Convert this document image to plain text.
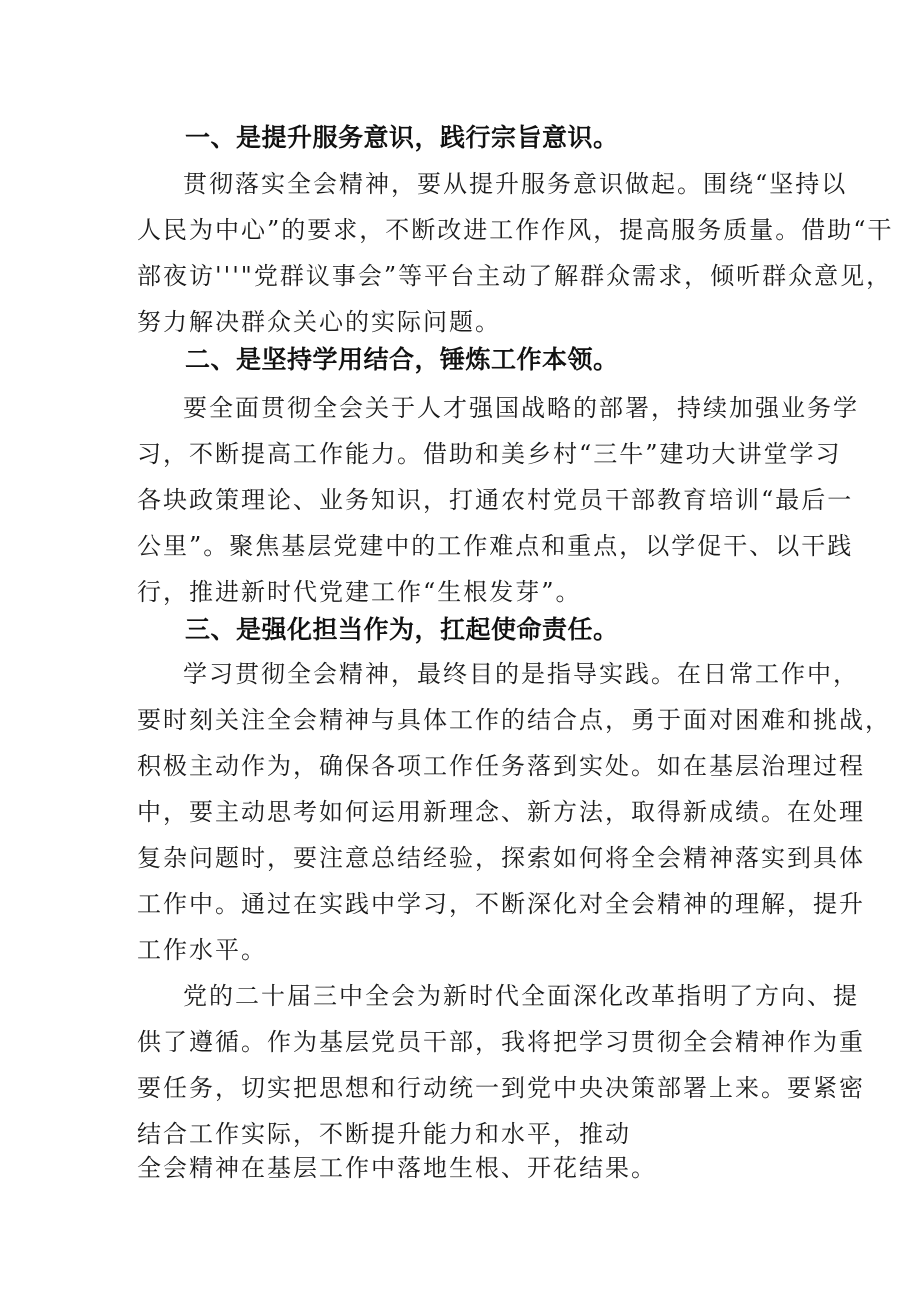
一、是提升服务意识，践行宗旨意识。
贯彻落实全会精神，要从提升服务意识做起。围绕“坚持以
人民为中心”的要求，不断改进工作作风，提高服务质量。借助“干
部夜访'''"党群议事会”等平台主动了解群众需求，倾听群众意见，
努力解决群众关心的实际问题。
二、是坚持学用结合，锤炼工作本领。
要全面贯彻全会关于人才强国战略的部署，持续加强业务学
习，不断提高工作能力。借助和美乡村“三牛”建功大讲堂学习
各块政策理论、业务知识，打通农村党员干部教育培训“最后一
公里”。聚焦基层党建中的工作难点和重点，以学促干、以干践
行，推进新时代党建工作“生根发芽”。
三、是强化担当作为，扛起使命责任。
学习贯彻全会精神，最终目的是指导实践。在日常工作中，
要时刻关注全会精神与具体工作的结合点，勇于面对困难和挑战，
积极主动作为，确保各项工作任务落到实处。如在基层治理过程
中，要主动思考如何运用新理念、新方法，取得新成绩。在处理
复杂问题时，要注意总结经验，探索如何将全会精神落实到具体
工作中。通过在实践中学习，不断深化对全会精神的理解，提升
工作水平。
党的二十届三中全会为新时代全面深化改革指明了方向、提
供了遵循。作为基层党员干部，我将把学习贯彻全会精神作为重
要任务，切实把思想和行动统一到党中央决策部署上来。要紧密
结合工作实际，不断提升能力和水平，推动
全会精神在基层工作中落地生根、开花结果。
